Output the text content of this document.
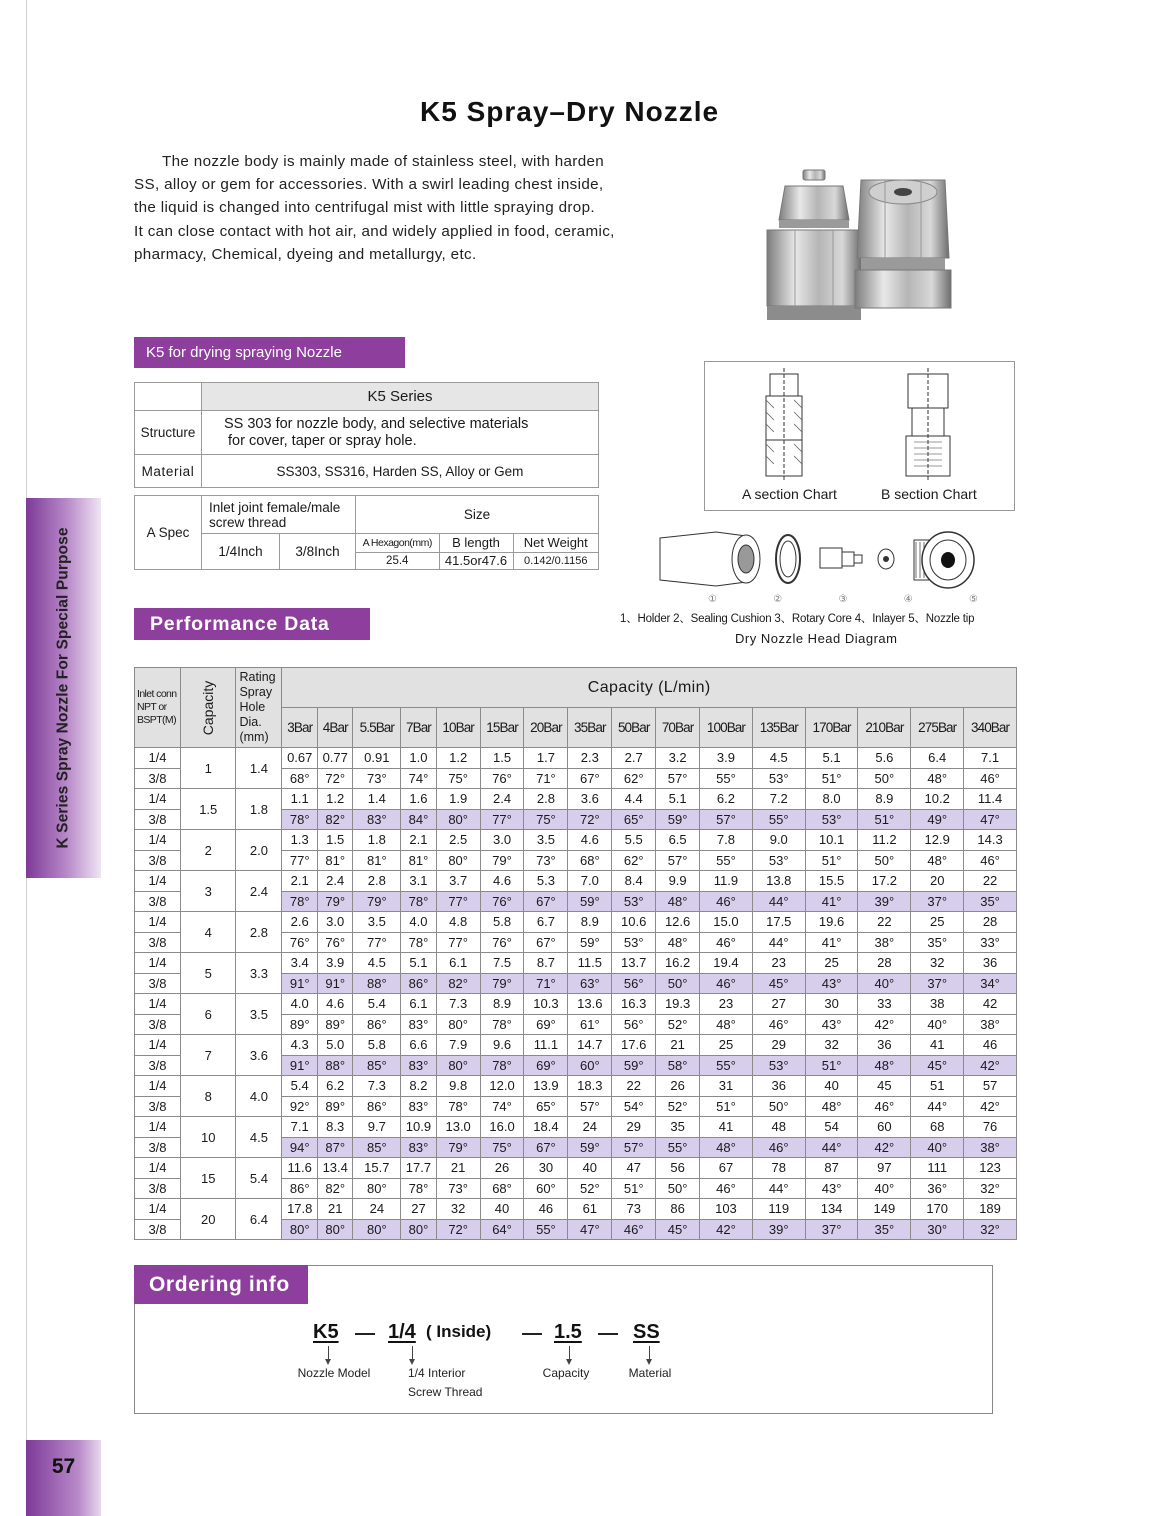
K Series Spray Nozzle For Special Purpose
57
K5 Spray–Dry Nozzle

The nozzle body is mainly made of stainless steel, with harden

SS, alloy or gem for accessories. With a swirl leading chest inside,

the liquid is changed into centrifugal mist with little spraying drop.

It can close contact with hot air, and widely applied in food, ceramic,

pharmacy, Chemical, dyeing and metallurgy, etc.

K5 for drying spraying Nozzle
	K5 Series
Structure	SS 303 for nozzle body, and selective materials
for cover, taper or spray hole.

Material	SS303, SS316, Harden SS, Alloy or Gem
A Spec	Inlet joint female/male screw thread	Size
1/4Inch	3/8Inch	
A Hexagon(mm)	B length	Net Weight
25.4	41.5or47.6	0.142/0.1156
A section Chart	B section Chart
①	②	③	④	⑤
1、Holder 2、Sealing Cushion 3、Rotary Core 4、Inlayer 5、Nozzle tip
Dry Nozzle Head Diagram
Performance Data
Inlet conn NPT or BSPT(M)	Capacity	Rating Spray Hole Dia. (mm)	Capacity (L/min)															
			3Bar	4Bar	5.5Bar	7Bar	10Bar	15Bar	20Bar	35Bar	50Bar	70Bar	100Bar	135Bar	170Bar	210Bar	275Bar	340Bar
1/4	1	1.4	0.67	0.77	0.91	1.0	1.2	1.5	1.7	2.3	2.7	3.2	3.9	4.5	5.1	5.6	6.4	7.1
3/8			68°	72°	73°	74°	75°	76°	71°	67°	62°	57°	55°	53°	51°	50°	48°	46°
1/4	1.5	1.8	1.1	1.2	1.4	1.6	1.9	2.4	2.8	3.6	4.4	5.1	6.2	7.2	8.0	8.9	10.2	11.4
3/8			78°	82°	83°	84°	80°	77°	75°	72°	65°	59°	57°	55°	53°	51°	49°	47°
1/4	2	2.0	1.3	1.5	1.8	2.1	2.5	3.0	3.5	4.6	5.5	6.5	7.8	9.0	10.1	11.2	12.9	14.3
3/8			77°	81°	81°	81°	80°	79°	73°	68°	62°	57°	55°	53°	51°	50°	48°	46°
1/4	3	2.4	2.1	2.4	2.8	3.1	3.7	4.6	5.3	7.0	8.4	9.9	11.9	13.8	15.5	17.2	20	22
3/8			78°	79°	79°	78°	77°	76°	67°	59°	53°	48°	46°	44°	41°	39°	37°	35°
1/4	4	2.8	2.6	3.0	3.5	4.0	4.8	5.8	6.7	8.9	10.6	12.6	15.0	17.5	19.6	22	25	28
3/8			76°	76°	77°	78°	77°	76°	67°	59°	53°	48°	46°	44°	41°	38°	35°	33°
1/4	5	3.3	3.4	3.9	4.5	5.1	6.1	7.5	8.7	11.5	13.7	16.2	19.4	23	25	28	32	36
3/8			91°	91°	88°	86°	82°	79°	71°	63°	56°	50°	46°	45°	43°	40°	37°	34°
1/4	6	3.5	4.0	4.6	5.4	6.1	7.3	8.9	10.3	13.6	16.3	19.3	23	27	30	33	38	42
3/8			89°	89°	86°	83°	80°	78°	69°	61°	56°	52°	48°	46°	43°	42°	40°	38°
1/4	7	3.6	4.3	5.0	5.8	6.6	7.9	9.6	11.1	14.7	17.6	21	25	29	32	36	41	46
3/8			91°	88°	85°	83°	80°	78°	69°	60°	59°	58°	55°	53°	51°	48°	45°	42°
1/4	8	4.0	5.4	6.2	7.3	8.2	9.8	12.0	13.9	18.3	22	26	31	36	40	45	51	57
3/8			92°	89°	86°	83°	78°	74°	65°	57°	54°	52°	51°	50°	48°	46°	44°	42°
1/4	10	4.5	7.1	8.3	9.7	10.9	13.0	16.0	18.4	24	29	35	41	48	54	60	68	76
3/8			94°	87°	85°	83°	79°	75°	67°	59°	57°	55°	48°	46°	44°	42°	40°	38°
1/4	15	5.4	11.6	13.4	15.7	17.7	21	26	30	40	47	56	67	78	87	97	111	123
3/8			86°	82°	80°	78°	73°	68°	60°	52°	51°	50°	46°	44°	43°	40°	36°	32°
1/4	20	6.4	17.8	21	24	27	32	40	46	61	73	86	103	119	134	149	170	189
3/8			80°	80°	80°	80°	72°	64°	55°	47°	46°	45°	42°	39°	37°	35°	30°	32°
Ordering info
K5 1/4 ( Inside)	1.5	SS
Nozzle Model	1/4 Interior
Screw Thread
Capacity	Material
